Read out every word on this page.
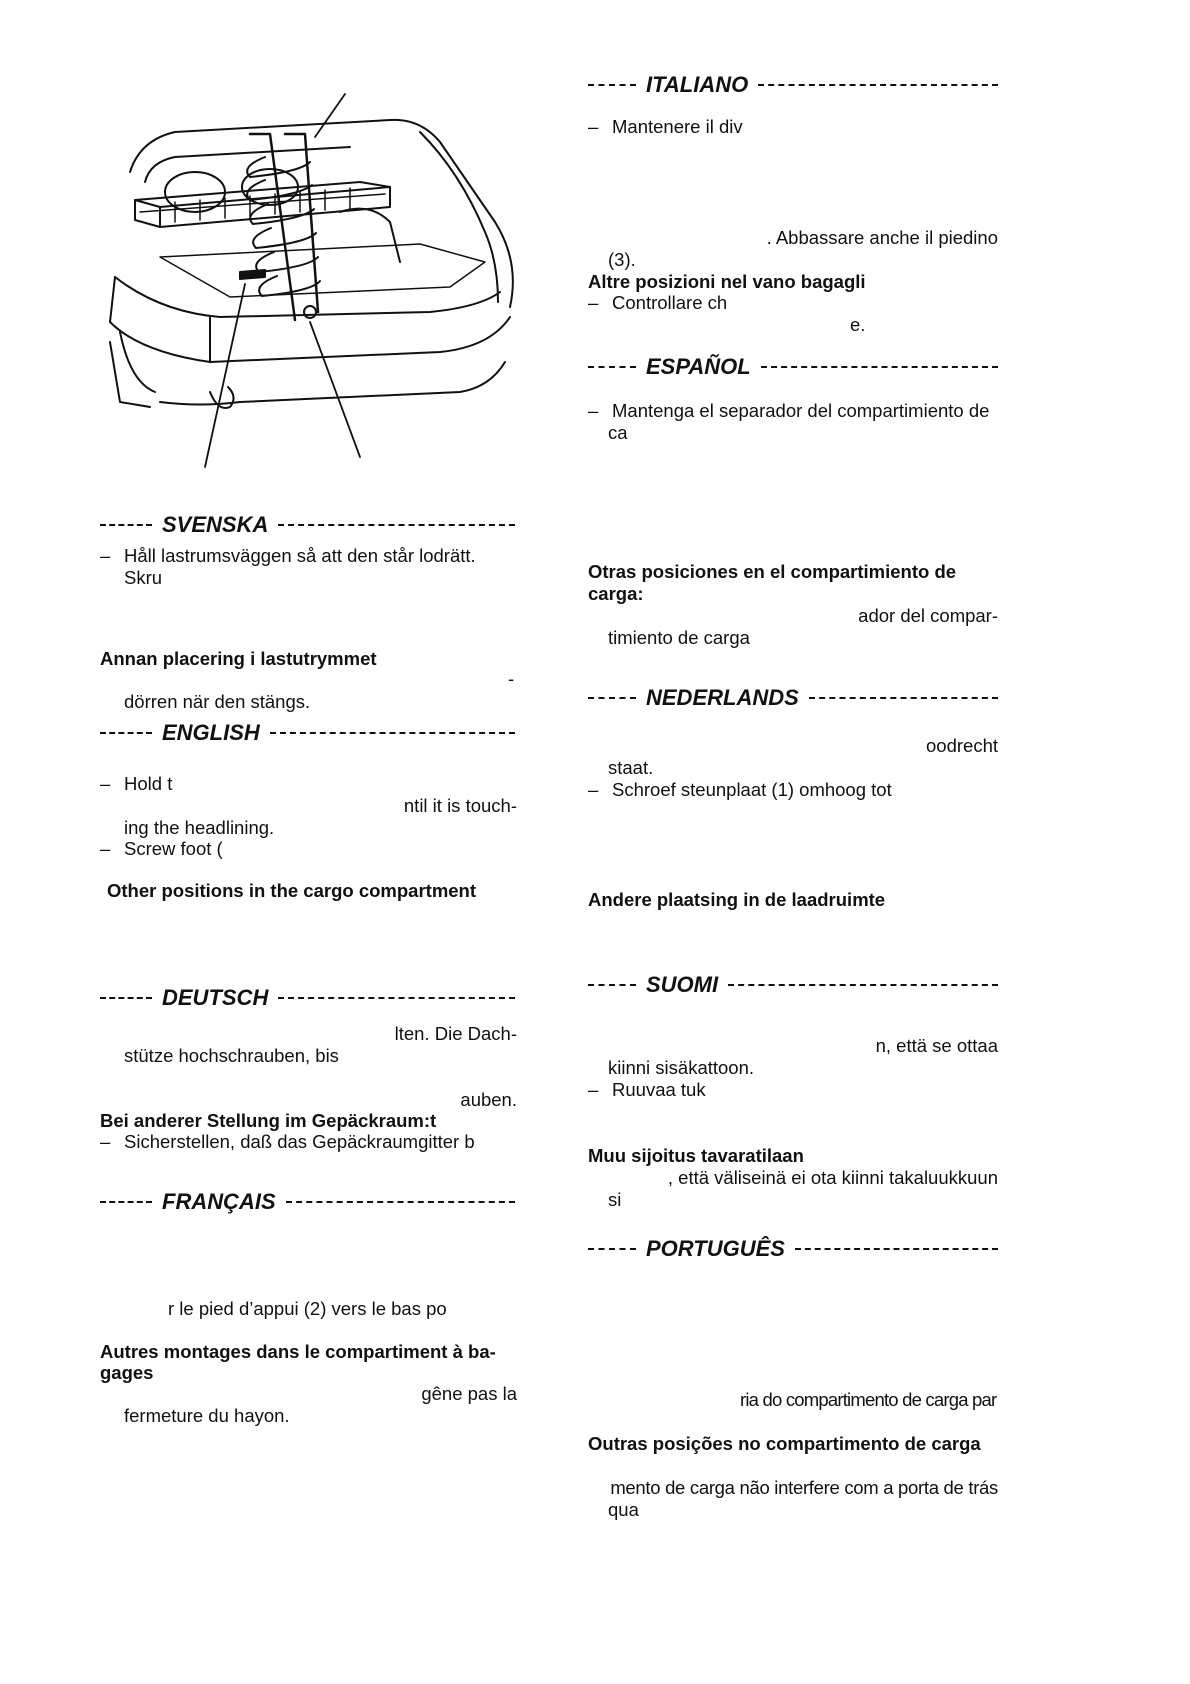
SVENSKA
– Håll lastrumsväggen så att den står lodrätt.
Skru
Annan placering i lastutrymmet
-
dörren när den stängs.
ENGLISH
– Hold t
ntil it is touch-
ing the headlining.
– Screw foot (
Other positions in the cargo compartment
DEUTSCH
lten. Die Dach-
stütze hochschrauben, bis
auben.
Bei anderer Stellung im Gepäckraum:t
– Sicherstellen, daß das Gepäckraumgitter b
FRANÇAIS
r le pied d’appui (2) vers le bas po
Autres montages dans le compartiment à ba-
gages
gêne pas la
fermeture du hayon.
ITALIANO
– Mantenere il div
. Abbassare anche il piedino
(3).
Altre posizioni nel vano bagagli
– Controllare ch
e.
ESPAÑOL
– Mantenga el separador del compartimiento de
ca
Otras posiciones en el compartimiento de
carga:
ador del compar-
timiento de carga
NEDERLANDS
oodrecht
staat.
– Schroef steunplaat (1) omhoog tot
Andere plaatsing in de laadruimte
SUOMI
n, että se ottaa
kiinni sisäkattoon.
– Ruuvaa tuk
Muu sijoitus tavaratilaan
, että väliseinä ei ota kiinni takaluukkuun
si
PORTUGUÊS
ria do compartimento de carga par
Outras posições no compartimento de carga
mento de carga não interfere com a porta de trás
qua
